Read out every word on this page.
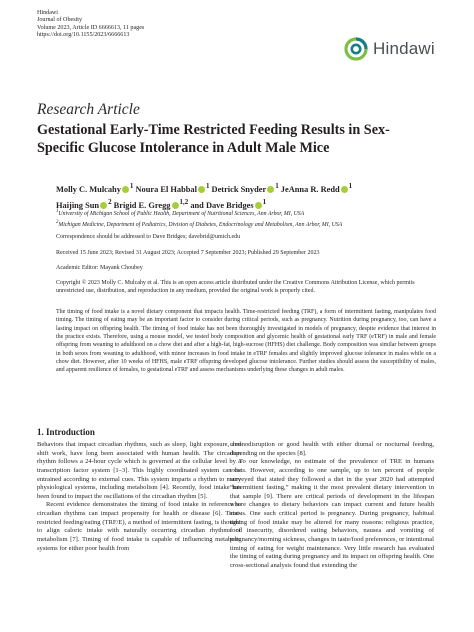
Hindawi
Journal of Obesity
Volume 2023, Article ID 6666613, 11 pages
https://doi.org/10.1155/2023/6666613
Hindawi
Research Article
Gestational Early-Time Restricted Feeding Results in Sex-Specific Glucose Intolerance in Adult Male Mice
Molly C. Mulcahy $^1$ Noura El Habbal $^1$ Detrick Snyder $^1$ JeAnna R. Redd $^1$
Haijing Sun $^2$ Brigid E. Gregg $^{1,2}$ and Dave Bridges $^1$
$^1$University of Michigan School of Public Health, Department of Nutritional Sciences, Ann Arbor, MI, USA
$^2$Michigan Medicine, Department of Pediatrics, Division of Diabetes, Endocrinology and Metabolism, Ann Arbor, MI, USA
Correspondence should be addressed to Dave Bridges; davebrid@umich.edu
Received 15 June 2023; Revised 31 August 2023; Accepted 7 September 2023; Published 29 September 2023
Academic Editor: Mayank Choubey
Copyright © 2023 Molly C. Mulcahy et al. This is an open access article distributed under the Creative Commons Attribution License, which permits unrestricted use, distribution, and reproduction in any medium, provided the original work is properly cited.
The timing of food intake is a novel dietary component that impacts health. Time-restricted feeding (TRF), a form of intermittent fasting, manipulates food timing. The timing of eating may be an important factor to consider during critical periods, such as pregnancy. Nutrition during pregnancy, too, can have a lasting impact on offspring health. The timing of food intake has not been thoroughly investigated in models of pregnancy, despite evidence that interest in the practice exists. Therefore, using a mouse model, we tested body composition and glycemic health of gestational early TRF (eTRF) in male and female offspring from weaning to adulthood on a chow diet and after a high-fat, high-sucrose (HFHS) diet challenge. Body composition was similar between groups in both sexes from weaning to adulthood, with minor increases in food intake in eTRF females and slightly improved glucose tolerance in males while on a chow diet. However, after 10 weeks of HFHS, male eTRF offspring developed glucose intolerance. Further studies should assess the susceptibility of males, and apparent resilience of females, to gestational eTRF and assess mechanisms underlying these changes in adult males.
1. Introduction

Behaviors that impact circadian rhythms, such as sleep, light exposure, and shift work, have long been associated with human health. The circadian rhythm follows a 24-hour cycle which is governed at the cellular level by a transcription factor system [1–3]. This highly coordinated system can be entrained according to external cues. This system imparts a rhythm to many physiological systems, including metabolism [4]. Recently, food intake has been found to impact the oscillations of the circadian rhythm [5].

Recent evidence demonstrates the timing of food intake in reference to circadian rhythms can impact propensity for health or disease [6]. Time-restricted feeding/eating (TRF/E), a method of intermittent fasting, is thought to align caloric intake with naturally occurring circadian rhythms of metabolism [7]. Timing of food intake is capable of influencing metabolic systems for either poor health from

chronodisruption or good health with either diurnal or nocturnal feeding, depending on the species [8].

To our knowledge, no estimate of the prevalence of TRE in humans exists. However, according to one sample, up to ten percent of people surveyed that stated they followed a diet in the year 2020 had attempted “intermittent fasting,” making it the most prevalent dietary intervention in that sample [9]. There are critical periods of development in the lifespan where changes to dietary behaviors can impact current and future health status. One such critical period is pregnancy. During pregnancy, habitual timing of food intake may be altered for many reasons: religious practice, food insecurity, disordered eating behaviors, nausea and vomiting of pregnancy/morning sickness, changes in taste/food preferences, or intentional timing of eating for weight maintenance. Very little research has evaluated the timing of eating during pregnancy and its impact on offspring health. One cross-sectional analysis found that extending the
